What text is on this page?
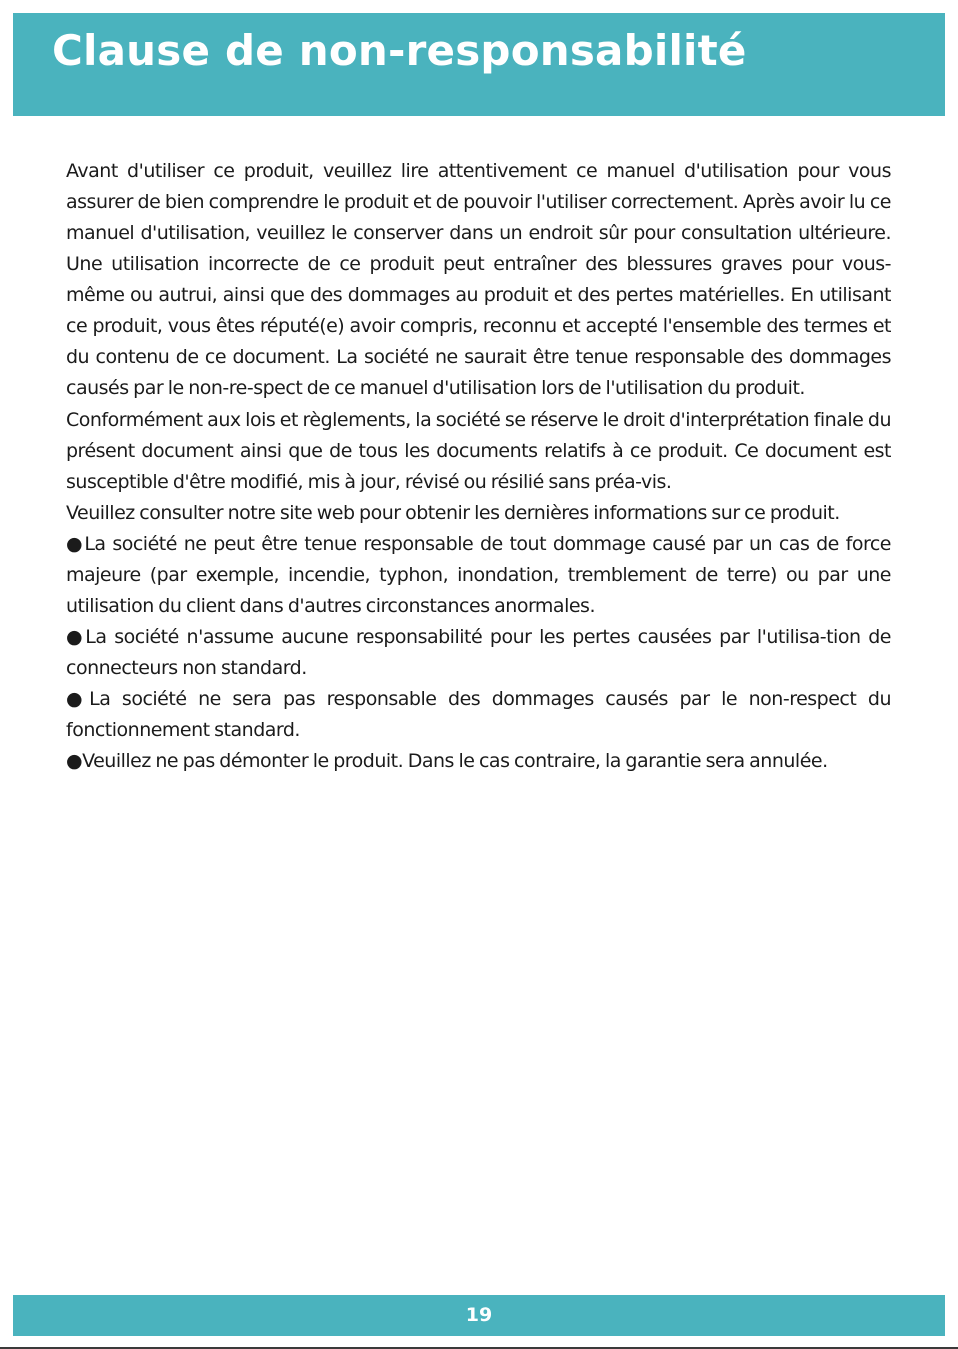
Clause de non-responsabilité

Avant d'utiliser ce produit, veuillez lire attentivement ce manuel d'utilisation pour vous assurer de bien comprendre le produit et de pouvoir l'utiliser correctement. Après avoir lu ce manuel d'utilisation, veuillez le conserver dans un endroit sûr pour consultation ultérieure. Une utilisation incorrecte de ce produit peut entraîner des blessures graves pour vous-même ou autrui, ainsi que des dommages au produit et des pertes matérielles. En utilisant ce produit, vous êtes réputé(e) avoir compris, reconnu et accepté l'ensemble des termes et du contenu de ce document. La société ne saurait être tenue responsable des dommages causés par le non-re-spect de ce manuel d'utilisation lors de l'utilisation du produit.

Conformément aux lois et règlements, la société se réserve le droit d'interprétation finale du présent document ainsi que de tous les documents relatifs à ce produit. Ce document est susceptible d'être modifié, mis à jour, révisé ou résilié sans préa-vis.

Veuillez consulter notre site web pour obtenir les dernières informations sur ce produit.

●La société ne peut être tenue responsable de tout dommage causé par un cas de force majeure (par exemple, incendie, typhon, inondation, tremblement de terre) ou par une utilisation du client dans d'autres circonstances anormales.

●La société n'assume aucune responsabilité pour les pertes causées par l'utilisa-tion de connecteurs non standard.

●La société ne sera pas responsable des dommages causés par le non-respect du fonctionnement standard.

●Veuillez ne pas démonter le produit. Dans le cas contraire, la garantie sera annulée.

19
